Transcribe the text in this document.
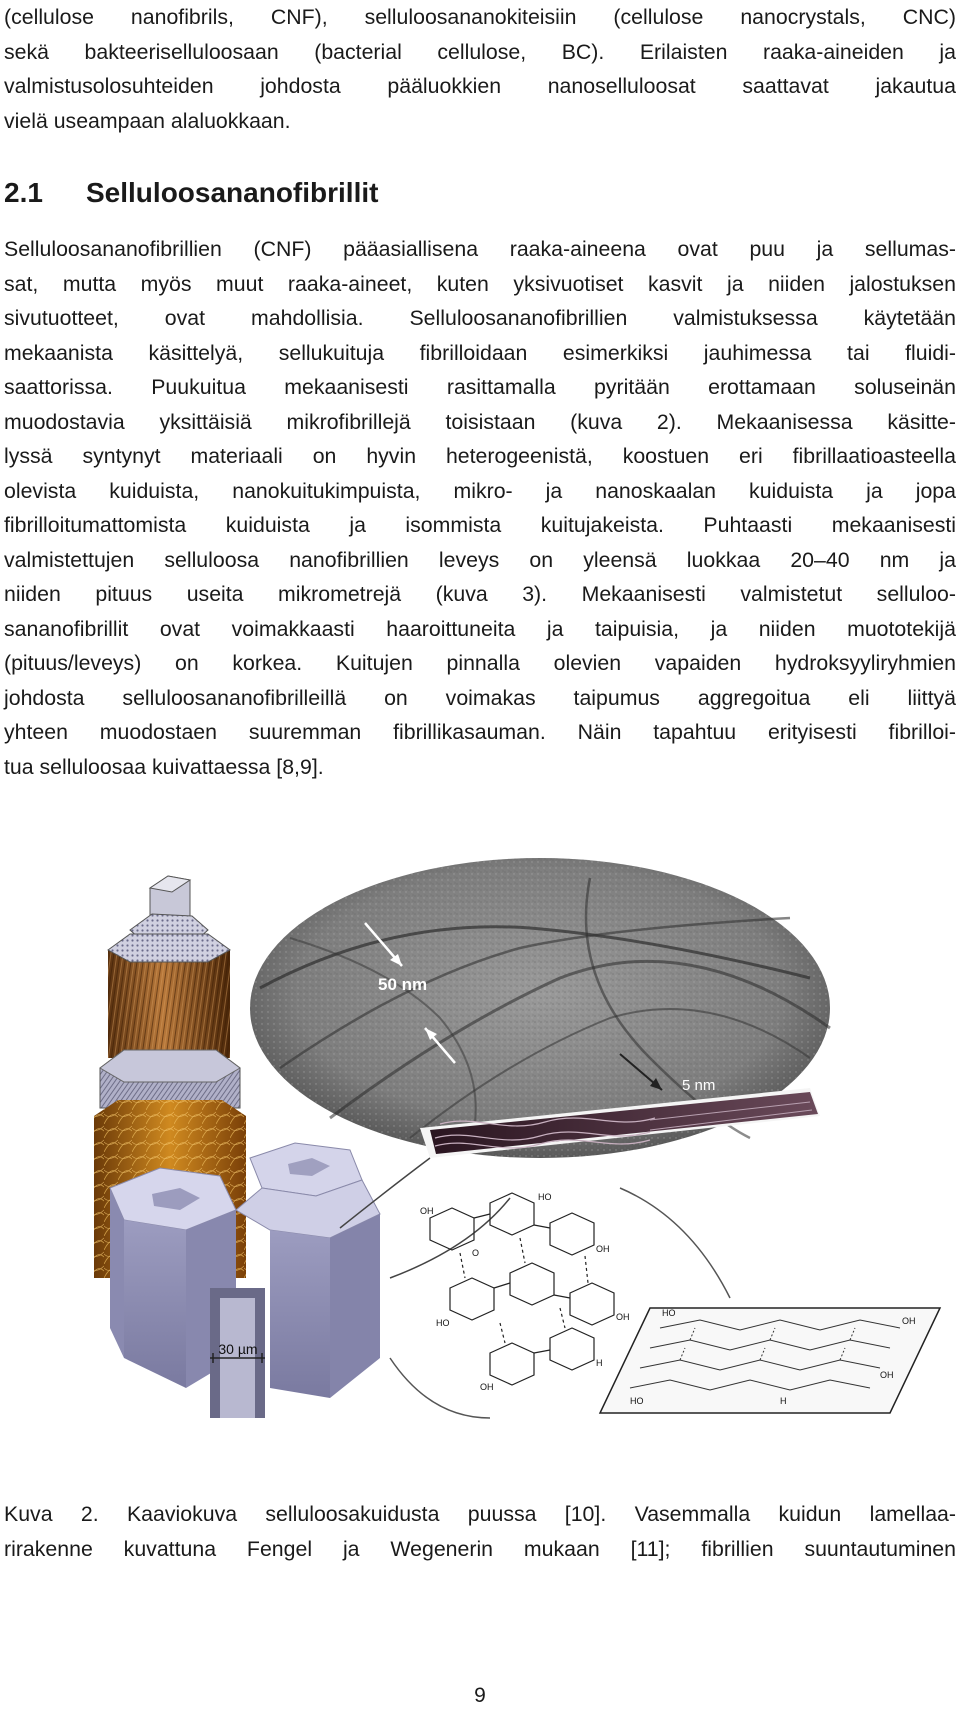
(cellulose nanofibrils, CNF), selluloosananokiteisiin (cellulose nanocrystals, CNC)
sekä bakteeriselluloosaan (bacterial cellulose, BC). Erilaisten raaka-aineiden ja
valmistusolosuhteiden johdosta pääluokkien nanoselluloosat saattavat jakautua
vielä useampaan alaluokkaan.

2.1 Selluloosananofibrillit

Selluloosananofibrillien (CNF) pääasiallisena raaka-aineena ovat puu ja sellumas-
sat, mutta myös muut raaka-aineet, kuten yksivuotiset kasvit ja niiden jalostuksen
sivutuotteet, ovat mahdollisia. Selluloosananofibrillien valmistuksessa käytetään
mekaanista käsittelyä, sellukuituja fibrilloidaan esimerkiksi jauhimessa tai fluidi-
saattorissa. Puukuitua mekaanisesti rasittamalla pyritään erottamaan soluseinän
muodostavia yksittäisiä mikrofibrillejä toisistaan (kuva 2). Mekaanisessa käsitte-
lyssä syntynyt materiaali on hyvin heterogeenistä, koostuen eri fibrillaatioasteella
olevista kuiduista, nanokuitukimpuista, mikro- ja nanoskaalan kuiduista ja jopa
fibrilloitumattomista kuiduista ja isommista kuitujakeista. Puhtaasti mekaanisesti
valmistettujen selluloosa nanofibrillien leveys on yleensä luokkaa 20–40 nm ja
niiden pituus useita mikrometrejä (kuva 3). Mekaanisesti valmistetut selluloo-
sananofibrillit ovat voimakkaasti haaroittuneita ja taipuisia, ja niiden muototekijä
(pituus/leveys) on korkea. Kuitujen pinnalla olevien vapaiden hydroksyyliryhmien
johdosta selluloosananofibrilleillä on voimakas taipumus aggregoitua eli liittyä
yhteen muodostaen suuremman fibrillikasauman. Näin tapahtuu erityisesti fibrilloi-
tua selluloosaa kuivattaessa [8,9].

50 nm
30 µm
5 nm
OH
O
HO
OH
HO
OH
OH
H
HO
OH
HO
OH
H

Kuva 2. Kaaviokuva selluloosakuidusta puussa [10]. Vasemmalla kuidun lamellaa-
rirakenne kuvattuna Fengel ja Wegenerin mukaan [11]; fibrillien suuntautuminen

9
